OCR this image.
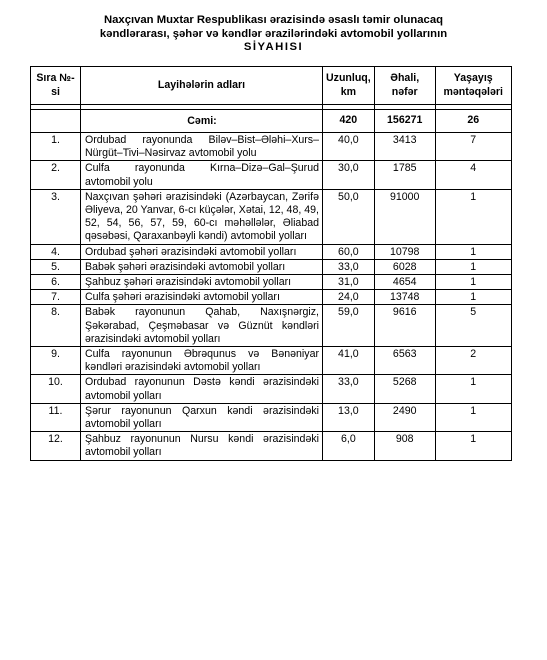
Naxçıvan Muxtar Respublikası ərazisində əsaslı təmir olunacaq
kəndlərarası, şəhər və kəndlər ərazilərindəki avtomobil yollarının
SİYAHISI
Sıra №-si	Layihələrin adları	Uzunluq, km	Əhali, nəfər	Yaşayış məntəqələri

	Cəmi:	420	156271	26
1.	Ordubad rayonunda Biləv–Bist–Ələhi–Xurs–Nürgüt–Tivi–Nəsirvaz avtomobil yolu	40,0	3413	7
2.	Culfa rayonunda Kırna–Dizə–Gal–Şurud avtomobil yolu	30,0	1785	4
3.	Naxçıvan şəhəri ərazisindəki (Azərbaycan, Zərifə Əliyeva, 20 Yanvar, 6-cı küçələr, Xətai, 12, 48, 49, 52, 54, 56, 57, 59, 60-cı məhəllələr, Əliabad qəsəbəsi, Qaraxanbəyli kəndi) avtomobil yolları	50,0	91000	1
4.	Ordubad şəhəri ərazisindəki avtomobil yolları	60,0	10798	1
5.	Babək şəhəri ərazisindəki avtomobil yolları	33,0	6028	1
6.	Şahbuz şəhəri ərazisindəki avtomobil yolları	31,0	4654	1
7.	Culfa şəhəri ərazisindəki avtomobil yolları	24,0	13748	1
8.	Babək rayonunun Qahab, Naxışnərgiz, Şəkərabad, Çeşməbasar və Güznüt kəndləri ərazisindəki avtomobil yolları	59,0	9616	5
9.	Culfa rayonunun Əbrəqunus və Bənəniyar kəndləri ərazisindəki avtomobil yolları	41,0	6563	2
10.	Ordubad rayonunun Dəstə kəndi ərazisindəki avtomobil yolları	33,0	5268	1
11.	Şərur rayonunun Qarxun kəndi ərazisindəki avtomobil yolları	13,0	2490	1
12.	Şahbuz rayonunun Nursu kəndi ərazisindəki avtomobil yolları	6,0	908	1
